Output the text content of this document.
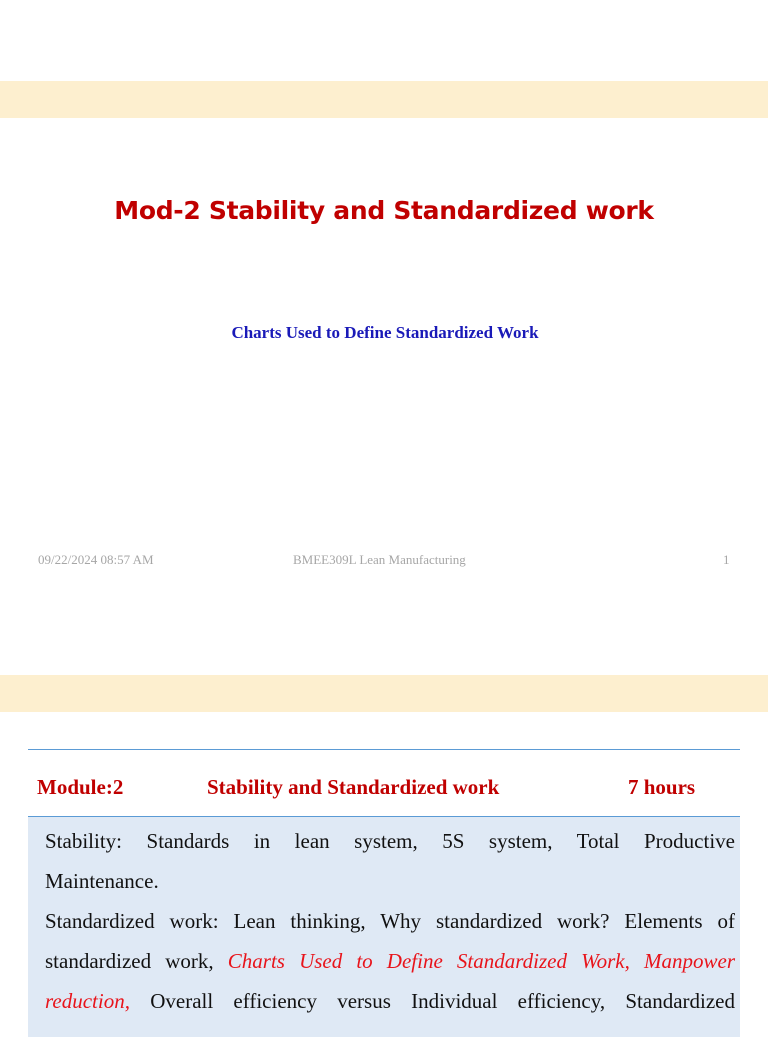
Mod-2 Stability and Standardized work
Charts Used to Define Standardized Work
09/22/2024 08:57 AM	BMEE309L Lean Manufacturing	1
Module:2	Stability and Standardized work	7 hours
Stability: Standards in lean system, 5S system, Total Productive
Maintenance.
Standardized work: Lean thinking, Why standardized work? Elements of
standardized work, Charts Used to Define Standardized Work, Manpower
reduction, Overall efficiency versus Individual efficiency, Standardized
